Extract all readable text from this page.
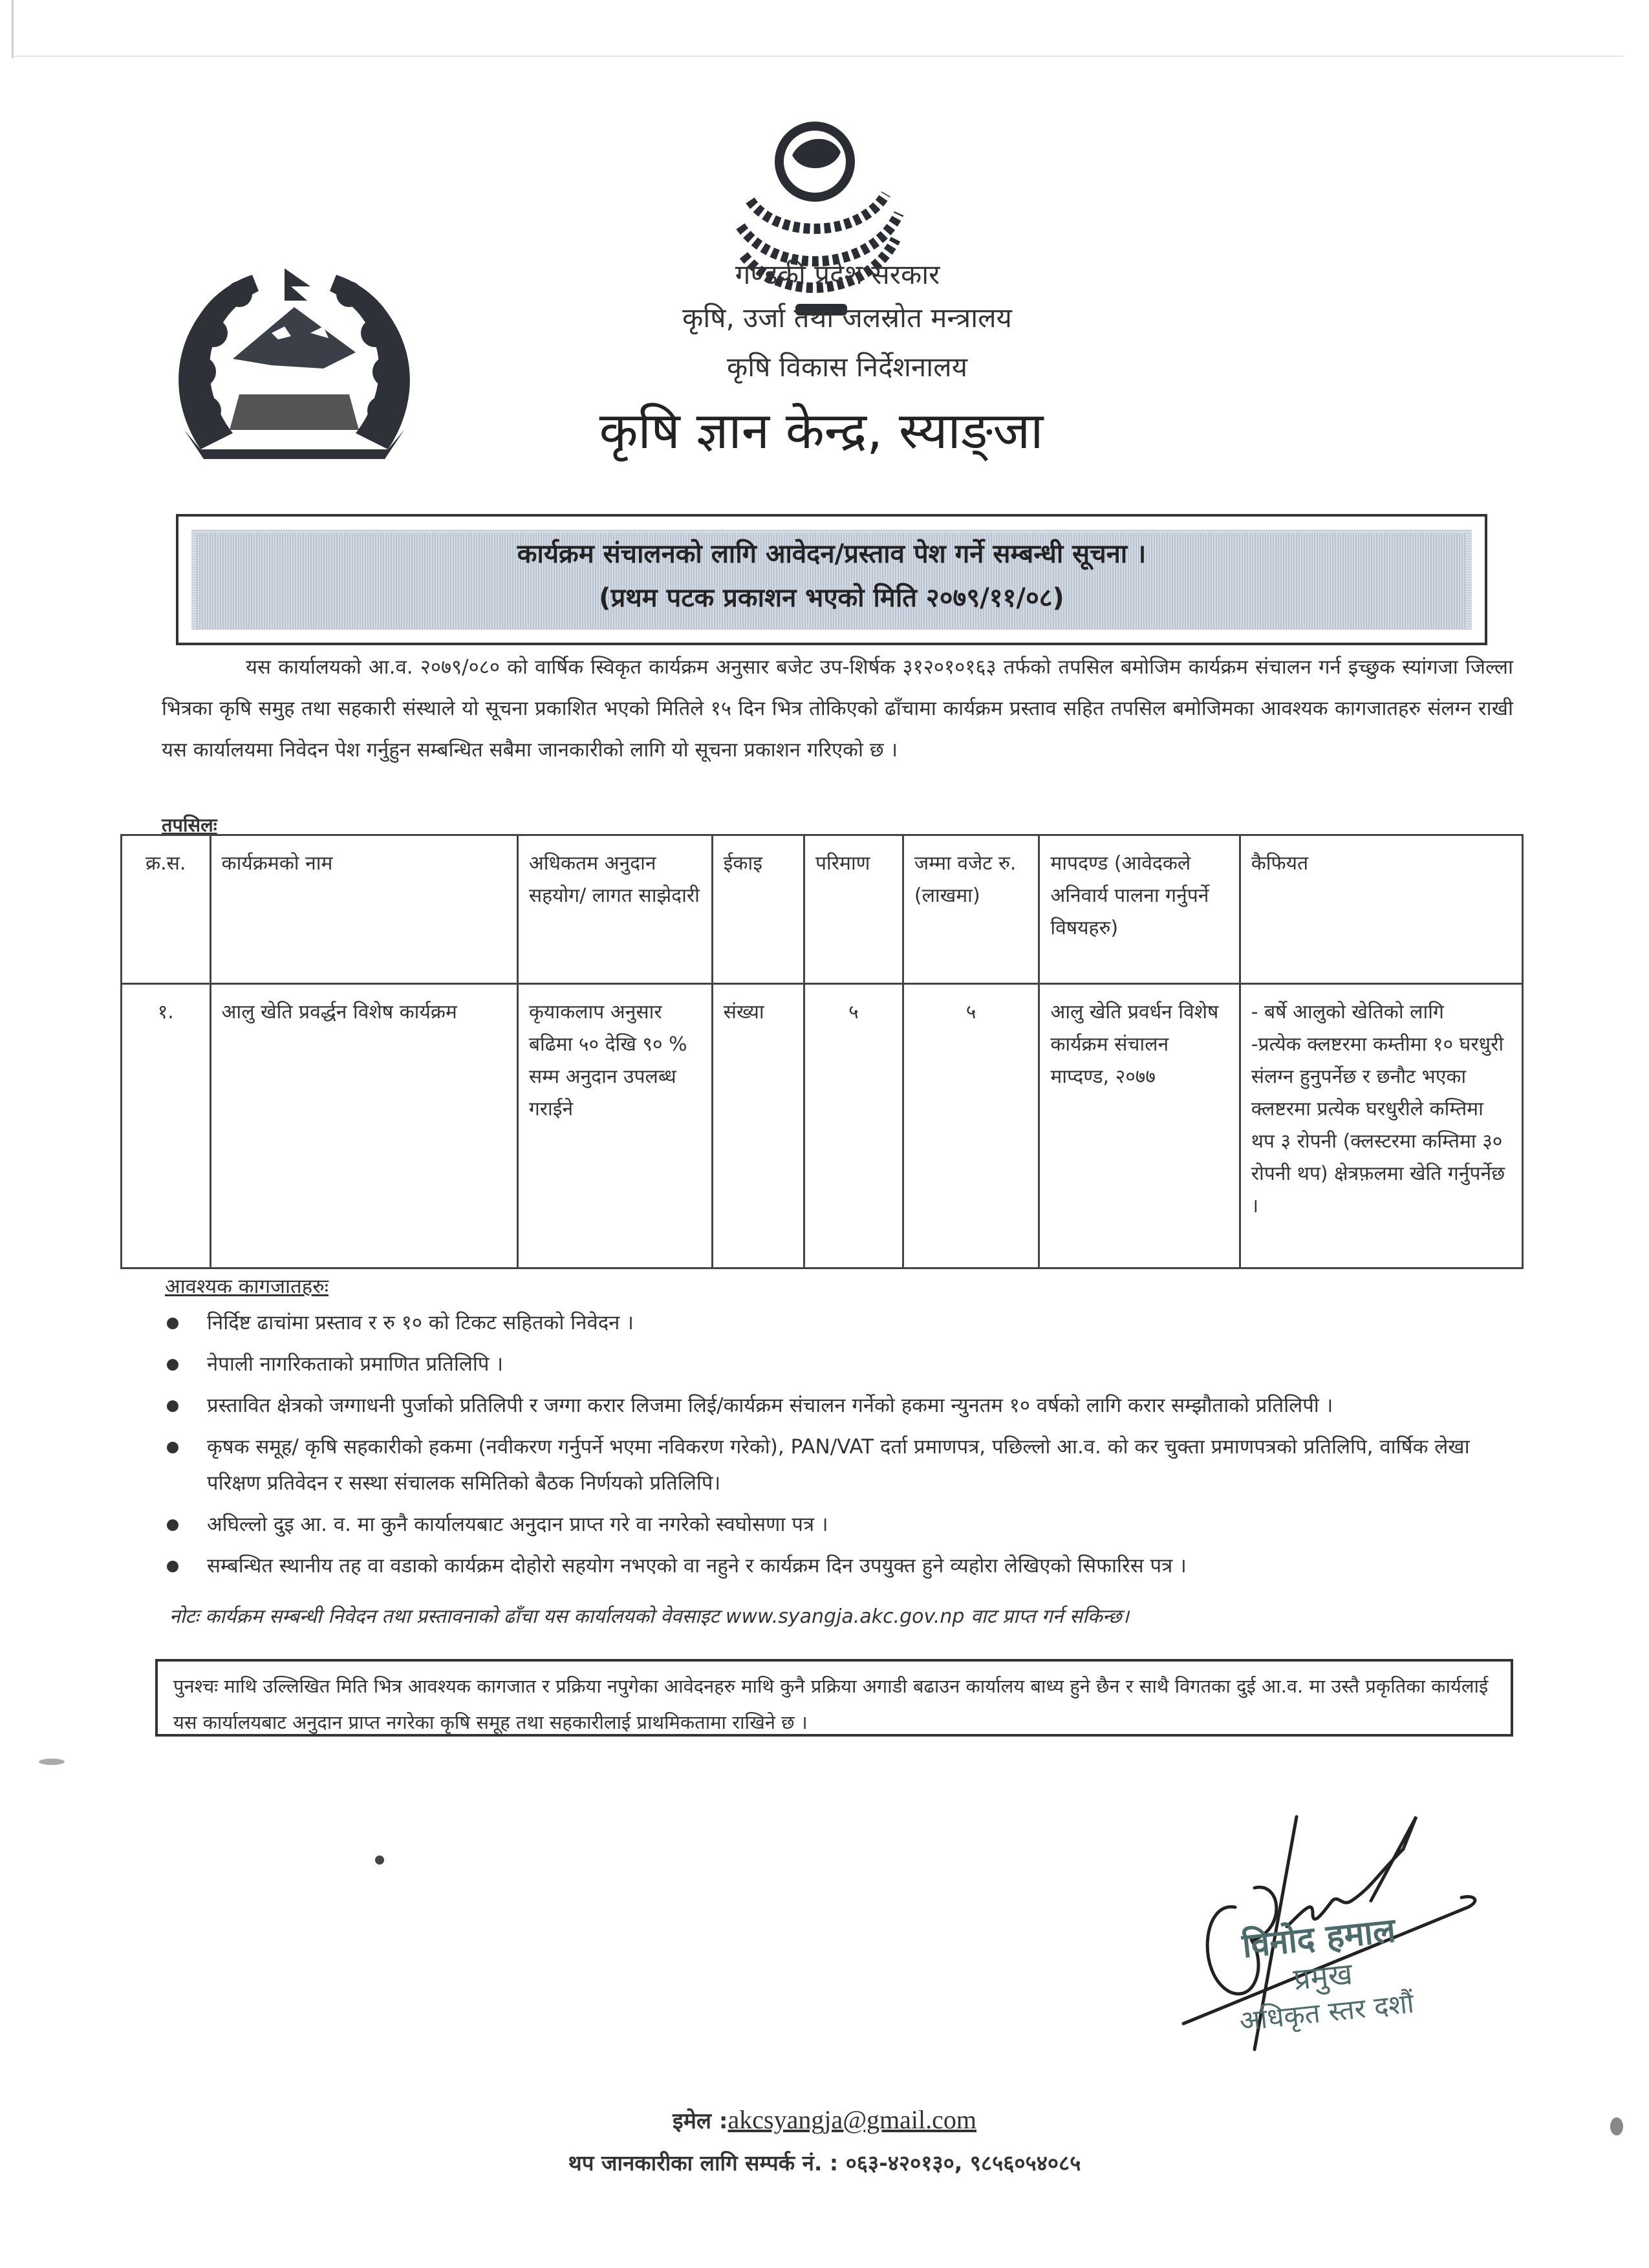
गण्डकी प्रदेश सरकार
कृषि, उर्जा तथा जलस्रोत मन्त्रालय
कृषि विकास निर्देशनालय
कृषि ज्ञान केन्द्र, स्याङ्जा
कार्यक्रम संचालनको लागि आवेदन/प्रस्ताव पेश गर्ने सम्बन्धी सूचना ।
(प्रथम पटक प्रकाशन भएको मिति २०७९/११/०८)
यस कार्यालयको आ.व. २०७९/०८० को वार्षिक स्विकृत कार्यक्रम अनुसार बजेट उप-शिर्षक ३१२०१०१६३ तर्फको तपसिल बमोजिम कार्यक्रम संचालन गर्न इच्छुक स्यांगजा जिल्ला भित्रका कृषि समुह तथा सहकारी संस्थाले यो सूचना प्रकाशित भएको मितिले १५ दिन भित्र तोकिएको ढाँचामा कार्यक्रम प्रस्ताव सहित तपसिल बमोजिमका आवश्यक कागजातहरु संलग्न राखी यस कार्यालयमा निवेदन पेश गर्नुहुन सम्बन्धित सबैमा जानकारीको लागि यो सूचना प्रकाशन गरिएको छ ।
तपसिलः
क्र.स.	कार्यक्रमको नाम	अधिकतम अनुदान सहयोग/ लागत साझेदारी	ईकाइ	परिमाण	जम्मा वजेट रु. (लाखमा)	मापदण्ड (आवेदकले अनिवार्य पालना गर्नुपर्ने विषयहरु)	कैफियत
१.	आलु खेति प्रवर्द्धन विशेष कार्यक्रम	कृयाकलाप अनुसार बढिमा ५० देखि ९० % सम्म अनुदान उपलब्ध गराईने	संख्या	५	५	आलु खेति प्रवर्धन विशेष कार्यक्रम संचालन माप्दण्ड, २०७७	- बर्षे आलुको खेतिको लागि
-प्रत्येक क्लष्टरमा कम्तीमा १० घरधुरी संलग्न हुनुपर्नेछ र छनौट भएका क्लष्टरमा प्रत्येक घरधुरीले कम्तिमा थप ३ रोपनी (क्लस्टरमा कम्तिमा ३० रोपनी थप) क्षेत्रफ़लमा खेति गर्नुपर्नेछ ।
आवश्यक कागजातहरुः
निर्दिष्ट ढाचांमा प्रस्ताव र रु १० को टिकट सहितको निवेदन ।
नेपाली नागरिकताको प्रमाणित प्रतिलिपि ।
प्रस्तावित क्षेत्रको जग्गाधनी पुर्जाको प्रतिलिपी र जग्गा करार लिजमा लिई/कार्यक्रम संचालन गर्नेको हकमा न्युनतम १० वर्षको लागि करार सम्झौताको प्रतिलिपी ।
कृषक समूह/ कृषि सहकारीको हकमा (नवीकरण गर्नुपर्ने भएमा नविकरण गरेको), PAN/VAT दर्ता प्रमाणपत्र, पछिल्लो आ.व. को कर चुक्ता प्रमाणपत्रको प्रतिलिपि, वार्षिक लेखा परिक्षण प्रतिवेदन र सस्था संचालक समितिको बैठक निर्णयको प्रतिलिपि।
अघिल्लो दुइ आ. व. मा कुनै कार्यालयबाट अनुदान प्राप्त गरे वा नगरेको स्वघोसणा पत्र ।
सम्बन्धित स्थानीय तह वा वडाको कार्यक्रम दोहोरो सहयोग नभएको वा नहुने र कार्यक्रम दिन उपयुक्त हुने व्यहोरा लेखिएको सिफारिस पत्र ।
नोटः कार्यक्रम सम्बन्धी निवेदन तथा प्रस्तावनाको ढाँचा यस कार्यालयको वेवसाइट www.syangja.akc.gov.np वाट प्राप्त गर्न सकिन्छ।
पुनश्चः माथि उल्लिखित मिति भित्र आवश्यक कागजात र प्रक्रिया नपुगेका आवेदनहरु माथि कुनै प्रक्रिया अगाडी बढाउन कार्यालय बाध्य हुने छैन र साथै विगतका दुई आ.व. मा उस्तै प्रकृतिका कार्यलाई यस कार्यालयबाट अनुदान प्राप्त नगरेका कृषि समूह तथा सहकारीलाई प्राथमिकतामा राखिने छ ।
विनोद हमाल
प्रमुख
अधिकृत स्तर दशौं
इमेल :akcsyangja@gmail.com
थप जानकारीका लागि सम्पर्क नं. : ०६३-४२०१३०, ९८५६०५४०८५
